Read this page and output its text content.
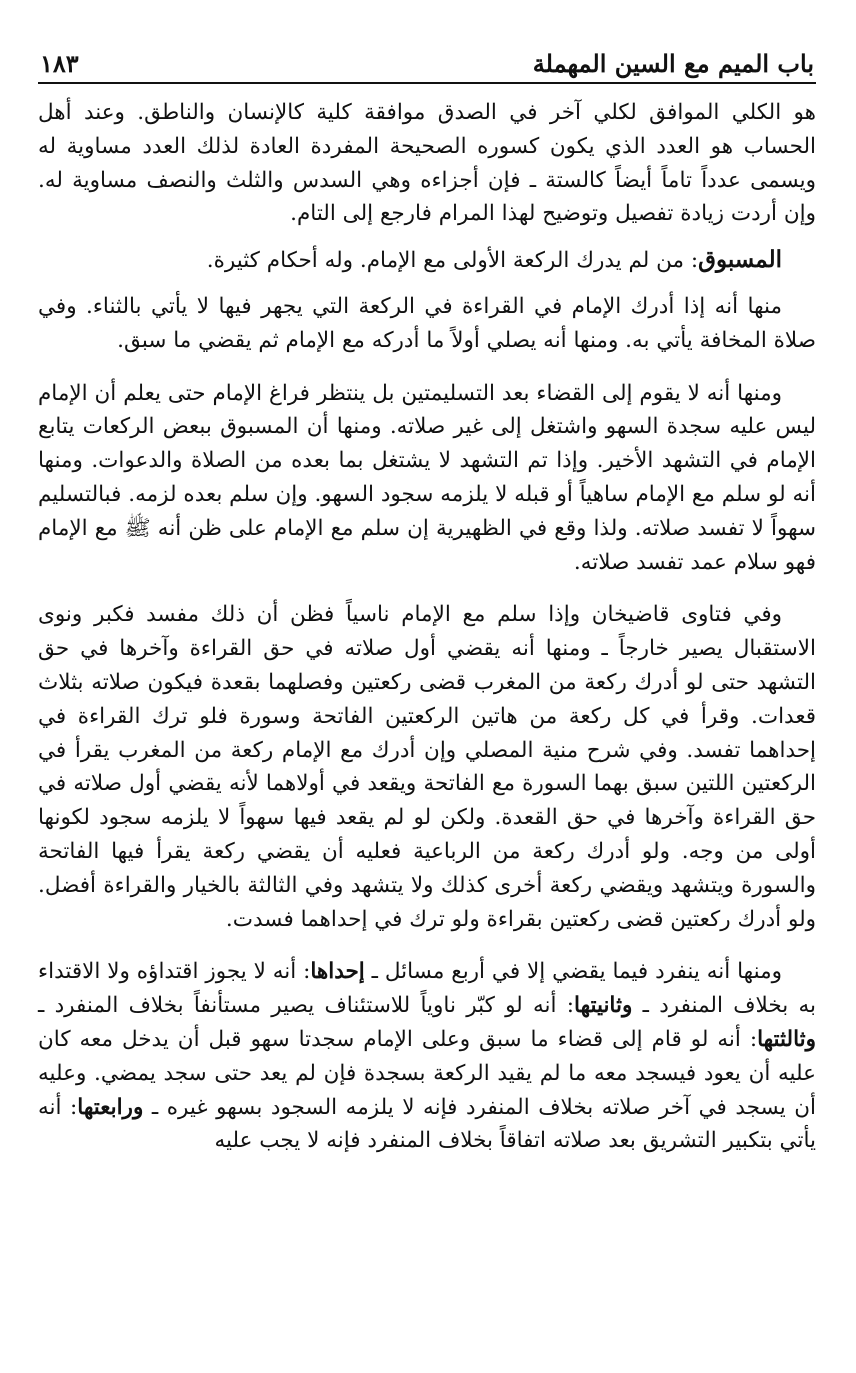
باب الميم مع السين المهملة
١٨٣

هو الكلي الموافق لكلي آخر في الصدق موافقة كلية كالإنسان والناطق. وعند أهل الحساب هو العدد الذي يكون كسوره الصحيحة المفردة العادة لذلك العدد مساوية له ويسمى عدداً تاماً أيضاً كالستة ـ فإن أجزاءه وهي السدس والثلث والنصف مساوية له. وإن أردت زيادة تفصيل وتوضيح لهذا المرام فارجع إلى التام.

المسبوق: من لم يدرك الركعة الأولى مع الإمام. وله أحكام كثيرة.

منها أنه إذا أدرك الإمام في القراءة في الركعة التي يجهر فيها لا يأتي بالثناء. وفي صلاة المخافة يأتي به. ومنها أنه يصلي أولاً ما أدركه مع الإمام ثم يقضي ما سبق.

ومنها أنه لا يقوم إلى القضاء بعد التسليمتين بل ينتظر فراغ الإمام حتى يعلم أن الإمام ليس عليه سجدة السهو واشتغل إلى غير صلاته. ومنها أن المسبوق ببعض الركعات يتابع الإمام في التشهد الأخير. وإذا تم التشهد لا يشتغل بما بعده من الصلاة والدعوات. ومنها أنه لو سلم مع الإمام ساهياً أو قبله لا يلزمه سجود السهو. وإن سلم بعده لزمه. فبالتسليم سهواً لا تفسد صلاته. ولذا وقع في الظهيرية إن سلم مع الإمام على ظن أنه ﷺ مع الإمام فهو سلام عمد تفسد صلاته.

وفي فتاوى قاضيخان وإذا سلم مع الإمام ناسياً فظن أن ذلك مفسد فكبر ونوى الاستقبال يصير خارجاً ـ ومنها أنه يقضي أول صلاته في حق القراءة وآخرها في حق التشهد حتى لو أدرك ركعة من المغرب قضى ركعتين وفصلهما بقعدة فيكون صلاته بثلاث قعدات. وقرأ في كل ركعة من هاتين الركعتين الفاتحة وسورة فلو ترك القراءة في إحداهما تفسد. وفي شرح منية المصلي وإن أدرك مع الإمام ركعة من المغرب يقرأ في الركعتين اللتين سبق بهما السورة مع الفاتحة ويقعد في أولاهما لأنه يقضي أول صلاته في حق القراءة وآخرها في حق القعدة. ولكن لو لم يقعد فيها سهواً لا يلزمه سجود لكونها أولى من وجه. ولو أدرك ركعة من الرباعية فعليه أن يقضي ركعة يقرأ فيها الفاتحة والسورة ويتشهد ويقضي ركعة أخرى كذلك ولا يتشهد وفي الثالثة بالخيار والقراءة أفضل. ولو أدرك ركعتين قضى ركعتين بقراءة ولو ترك في إحداهما فسدت.

ومنها أنه ينفرد فيما يقضي إلا في أربع مسائل ـ إحداها: أنه لا يجوز اقتداؤه ولا الاقتداء به بخلاف المنفرد ـ وثانيتها: أنه لو كبّر ناوياً للاستئناف يصير مستأنفاً بخلاف المنفرد ـ وثالثتها: أنه لو قام إلى قضاء ما سبق وعلى الإمام سجدتا سهو قبل أن يدخل معه كان عليه أن يعود فيسجد معه ما لم يقيد الركعة بسجدة فإن لم يعد حتى سجد يمضي. وعليه أن يسجد في آخر صلاته بخلاف المنفرد فإنه لا يلزمه السجود بسهو غيره ـ ورابعتها: أنه يأتي بتكبير التشريق بعد صلاته اتفاقاً بخلاف المنفرد فإنه لا يجب عليه
